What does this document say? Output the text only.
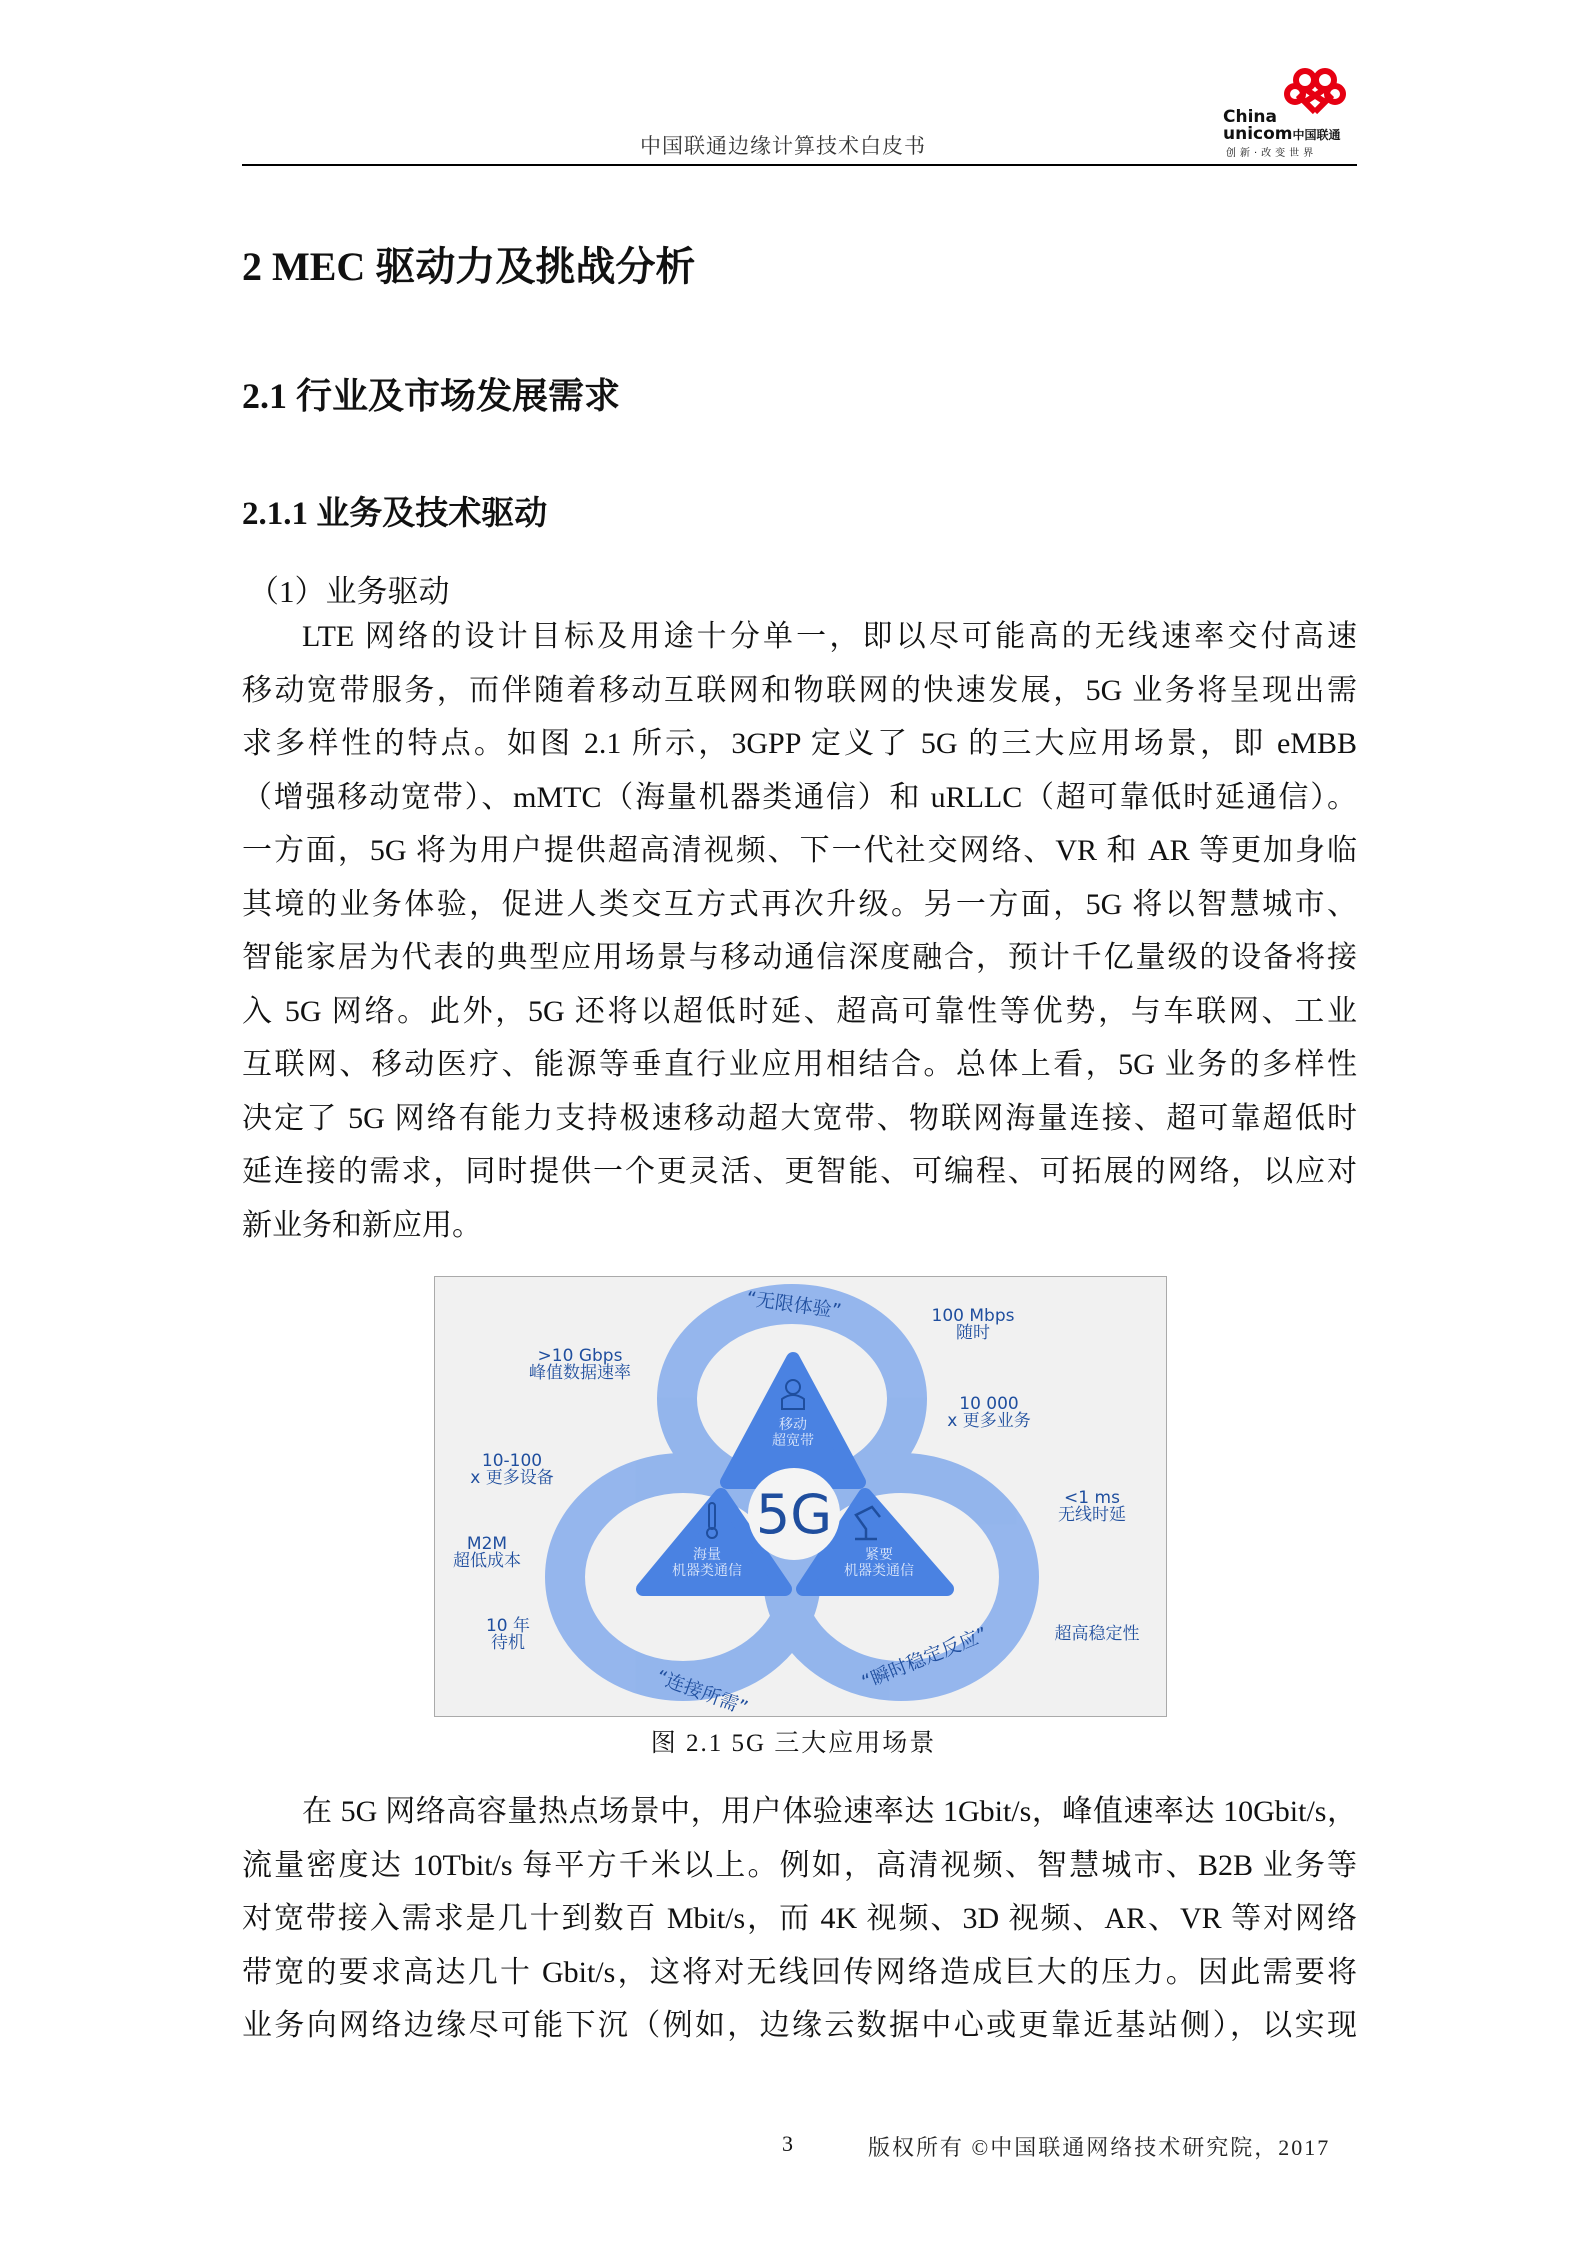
中国联通边缘计算技术白皮书
China
unicom中国联通
创新·改变世界
2 MEC 驱动力及挑战分析
2.1 行业及市场发展需求
2.1.1 业务及技术驱动
（1）业务驱动
LTE 网络的设计目标及用途十分单一，即以尽可能高的无线速率交付高速
移动宽带服务，而伴随着移动互联网和物联网的快速发展，5G 业务将呈现出需
求多样性的特点。如图 2.1 所示，3GPP 定义了 5G 的三大应用场景，即 eMBB
（增强移动宽带）、mMTC（海量机器类通信）和 uRLLC（超可靠低时延通信）。
一方面，5G 将为用户提供超高清视频、下一代社交网络、VR 和 AR 等更加身临
其境的业务体验，促进人类交互方式再次升级。另一方面，5G 将以智慧城市、
智能家居为代表的典型应用场景与移动通信深度融合，预计千亿量级的设备将接
入 5G 网络。此外，5G 还将以超低时延、超高可靠性等优势，与车联网、工业
互联网、移动医疗、能源等垂直行业应用相结合。总体上看，5G 业务的多样性
决定了 5G 网络有能力支持极速移动超大宽带、物联网海量连接、超可靠超低时
延连接的需求，同时提供一个更灵活、更智能、可编程、可拓展的网络，以应对
新业务和新应用。
5G
移动
超宽带
海量
机器类通信
紧要
机器类通信
“无限体验”
“连接所需”	“瞬时稳定反应”
>10 Gbps
峰值数据速率
100 Mbps
随时
10 000
x 更多业务
10-100
x 更多设备
<1 ms
无线时延
M2M
超低成本
10 年
待机	超高稳定性
图 2.1 5G 三大应用场景
在 5G 网络高容量热点场景中，用户体验速率达 1Gbit/s，峰值速率达 10Gbit/s，
流量密度达 10Tbit/s 每平方千米以上。例如，高清视频、智慧城市、B2B 业务等
对宽带接入需求是几十到数百 Mbit/s，而 4K 视频、3D 视频、AR、VR 等对网络
带宽的要求高达几十 Gbit/s，这将对无线回传网络造成巨大的压力。因此需要将
业务向网络边缘尽可能下沉（例如，边缘云数据中心或更靠近基站侧），以实现
3	版权所有 ©中国联通网络技术研究院，2017
